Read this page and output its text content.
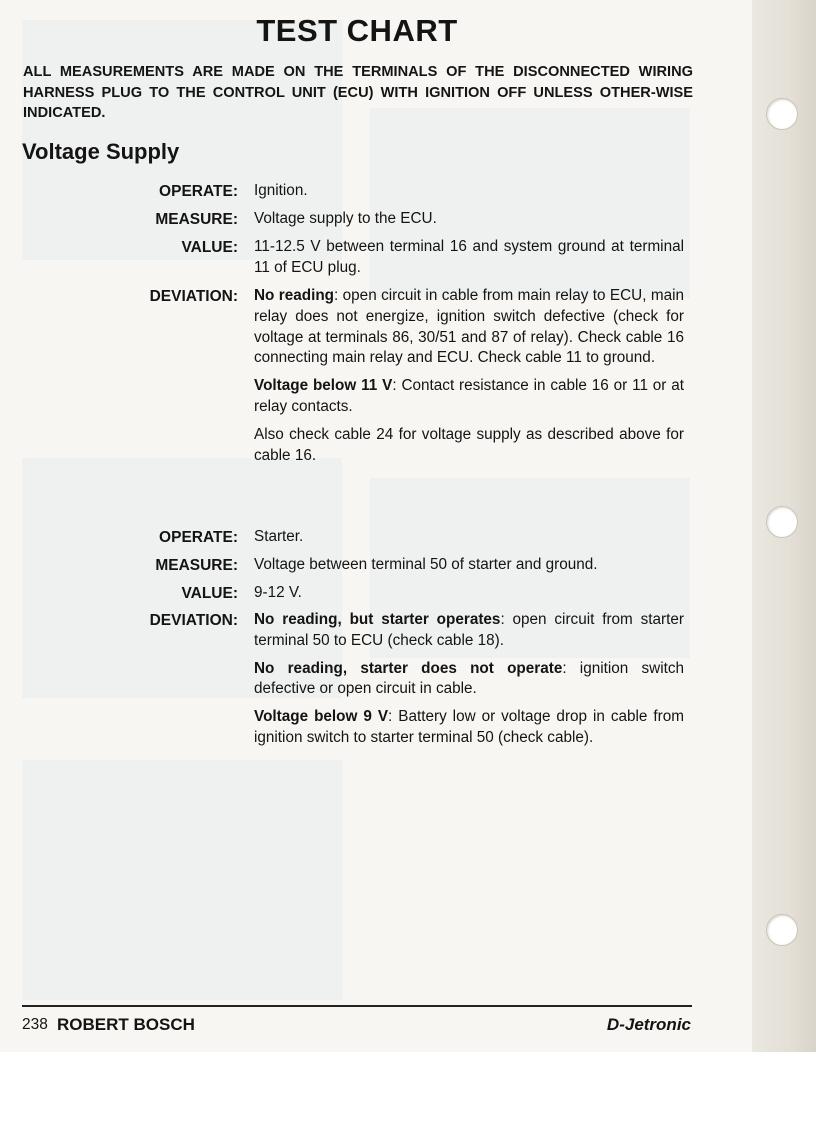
TEST CHART

ALL MEASUREMENTS ARE MADE ON THE TERMINALS OF THE DISCONNECTED WIRING HARNESS PLUG TO THE CONTROL UNIT (ECU) WITH IGNITION OFF UNLESS OTHER-WISE INDICATED.

Voltage Supply
OPERATE: Ignition.
MEASURE: Voltage supply to the ECU.
VALUE: 11-12.5 V between terminal 16 and system ground at terminal 11 of ECU plug.
DEVIATION: No reading: open circuit in cable from main relay to ECU, main relay does not energize, ignition switch defective (check for voltage at terminals 86, 30/51 and 87 of relay). Check cable 16 connecting main relay and ECU. Check cable 11 to ground.

Voltage below 11 V: Contact resistance in cable 16 or 11 or at relay contacts.

Also check cable 24 for voltage supply as described above for cable 16.

OPERATE: Starter.
MEASURE: Voltage between terminal 50 of starter and ground.
VALUE: 9-12 V.
DEVIATION: No reading, but starter operates: open circuit from starter terminal 50 to ECU (check cable 18).

No reading, starter does not operate: ignition switch defective or open circuit in cable.

Voltage below 9 V: Battery low or voltage drop in cable from ignition switch to starter terminal 50 (check cable).

238 ROBERT BOSCH	D-Jetronic
